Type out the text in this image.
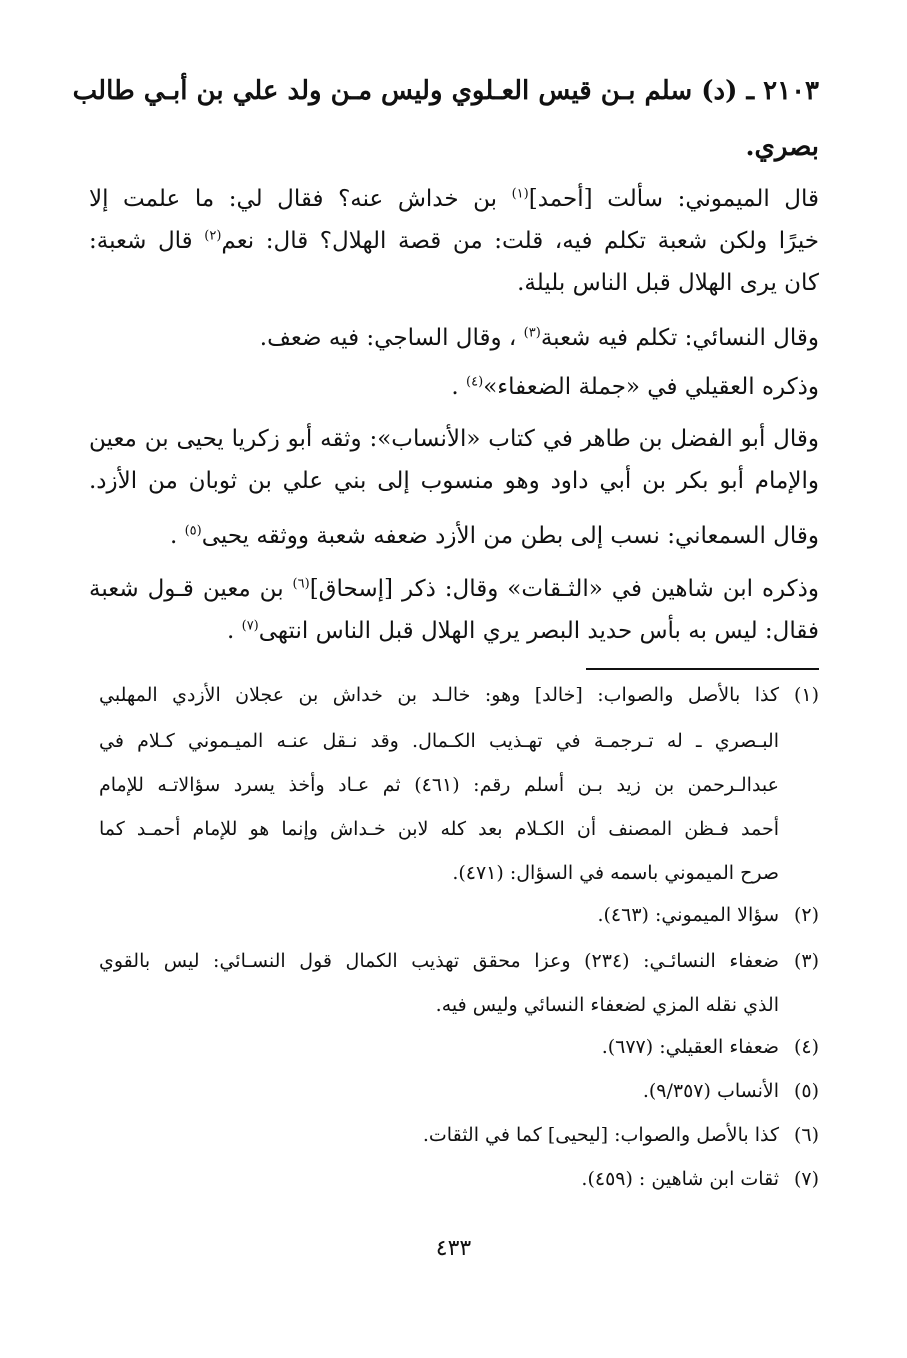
٢١٠٣ ـ (د) سلم بـن قيس العـلوي وليس مـن ولد علي بن أبـي طالب
بصري.
قال الميموني: سألت [أحمد]$^{(١)}$ بن خداش عنه؟ فقال لي: ما علمت إلا
خيرًا ولكن شعبة تكلم فيه، قلت: من قصة الهلال؟ قال: نعم$^{(٢)}$ قال شعبة:
كان يرى الهلال قبل الناس بليلة.
وقال النسائي: تكلم فيه شعبة$^{(٣)}$ ، وقال الساجي: فيه ضعف.
وذكره العقيلي في «جملة الضعفاء»$^{(٤)}$ .
وقال أبو الفضل بن طاهر في كتاب «الأنساب»: وثقه أبو زكريا يحيى بن معين
والإمام أبو بكر بن أبي داود وهو منسوب إلى بني علي بن ثوبان من الأزد.
وقال السمعاني: نسب إلى بطن من الأزد ضعفه شعبة ووثقه يحيى$^{(٥)}$ .
وذكره ابن شاهين في «الثـقات» وقال: ذكر [إسحاق]$^{(٦)}$ بن معين قـول شعبة
فقال: ليس به بأس حديد البصر يري الهلال قبل الناس انتهى$^{(٧)}$ .
(١)كذا بالأصل والصواب: [خالد] وهو: خالـد بن خداش بن عجلان الأزدي المهلبي
البـصري ـ له تـرجمـة في تهـذيب الكـمال. وقد نـقل عنـه الميـموني كـلام في
عبدالـرحمن بن زيد بـن أسلم رقم: (٤٦١) ثم عـاد وأخذ يسرد سؤالاتـه للإمام
أحمد فـظن المصنف أن الكـلام بعد كله لابن خـداش وإنما هو للإمام أحمـد كما
صرح الميموني باسمه في السؤال: (٤٧١).
(٢)سؤالا الميموني: (٤٦٣).
(٣)ضعفاء النسائـي: (٢٣٤) وعزا محقق تهذيب الكمال قول النسـائي: ليس بالقوي
الذي نقله المزي لضعفاء النسائي وليس فيه.
(٤)ضعفاء العقيلي: (٦٧٧).
(٥)الأنساب (٩/٣٥٧).
(٦)كذا بالأصل والصواب: [ليحيى] كما في الثقات.
(٧)ثقات ابن شاهين : (٤٥٩).
٤٣٣
